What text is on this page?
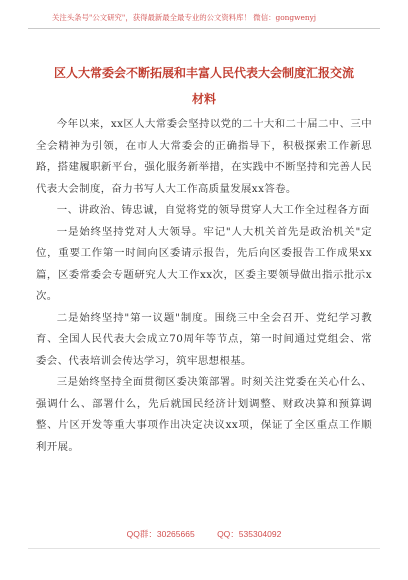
关注头条号"公文研究"，获得最新最全最专业的公文资料库！ 微信：gongwenyj
区人大常委会不断拓展和丰富人民代表大会制度汇报交流
材料

今年以来，xx区人大常委会坚持以党的二十大和二十届二中、三中全会精神为引领，在市人大常委会的正确指导下，积极探索工作新思路，搭建履职新平台，强化服务新举措，在实践中不断坚持和完善人民代表大会制度，奋力书写人大工作高质量发展xx答卷。

一、讲政治、铸忠诚，自觉将党的领导贯穿人大工作全过程各方面

一是始终坚持党对人大领导。牢记"人大机关首先是政治机关"定位，重要工作第一时间向区委请示报告，先后向区委报告工作成果xx篇，区委常委会专题研究人大工作xx次，区委主要领导做出指示批示x次。

二是始终坚持"第一议题"制度。围绕三中全会召开、党纪学习教育、全国人民代表大会成立70周年等节点，第一时间通过党组会、常委会、代表培训会传达学习，筑牢思想根基。

三是始终坚持全面贯彻区委决策部署。时刻关注党委在关心什么、强调什么、部署什么，先后就国民经济计划调整、财政决算和预算调整、片区开发等重大事项作出决定决议xx项，保证了全区重点工作顺利开展。

QQ群：30265665	QQ：535304092
